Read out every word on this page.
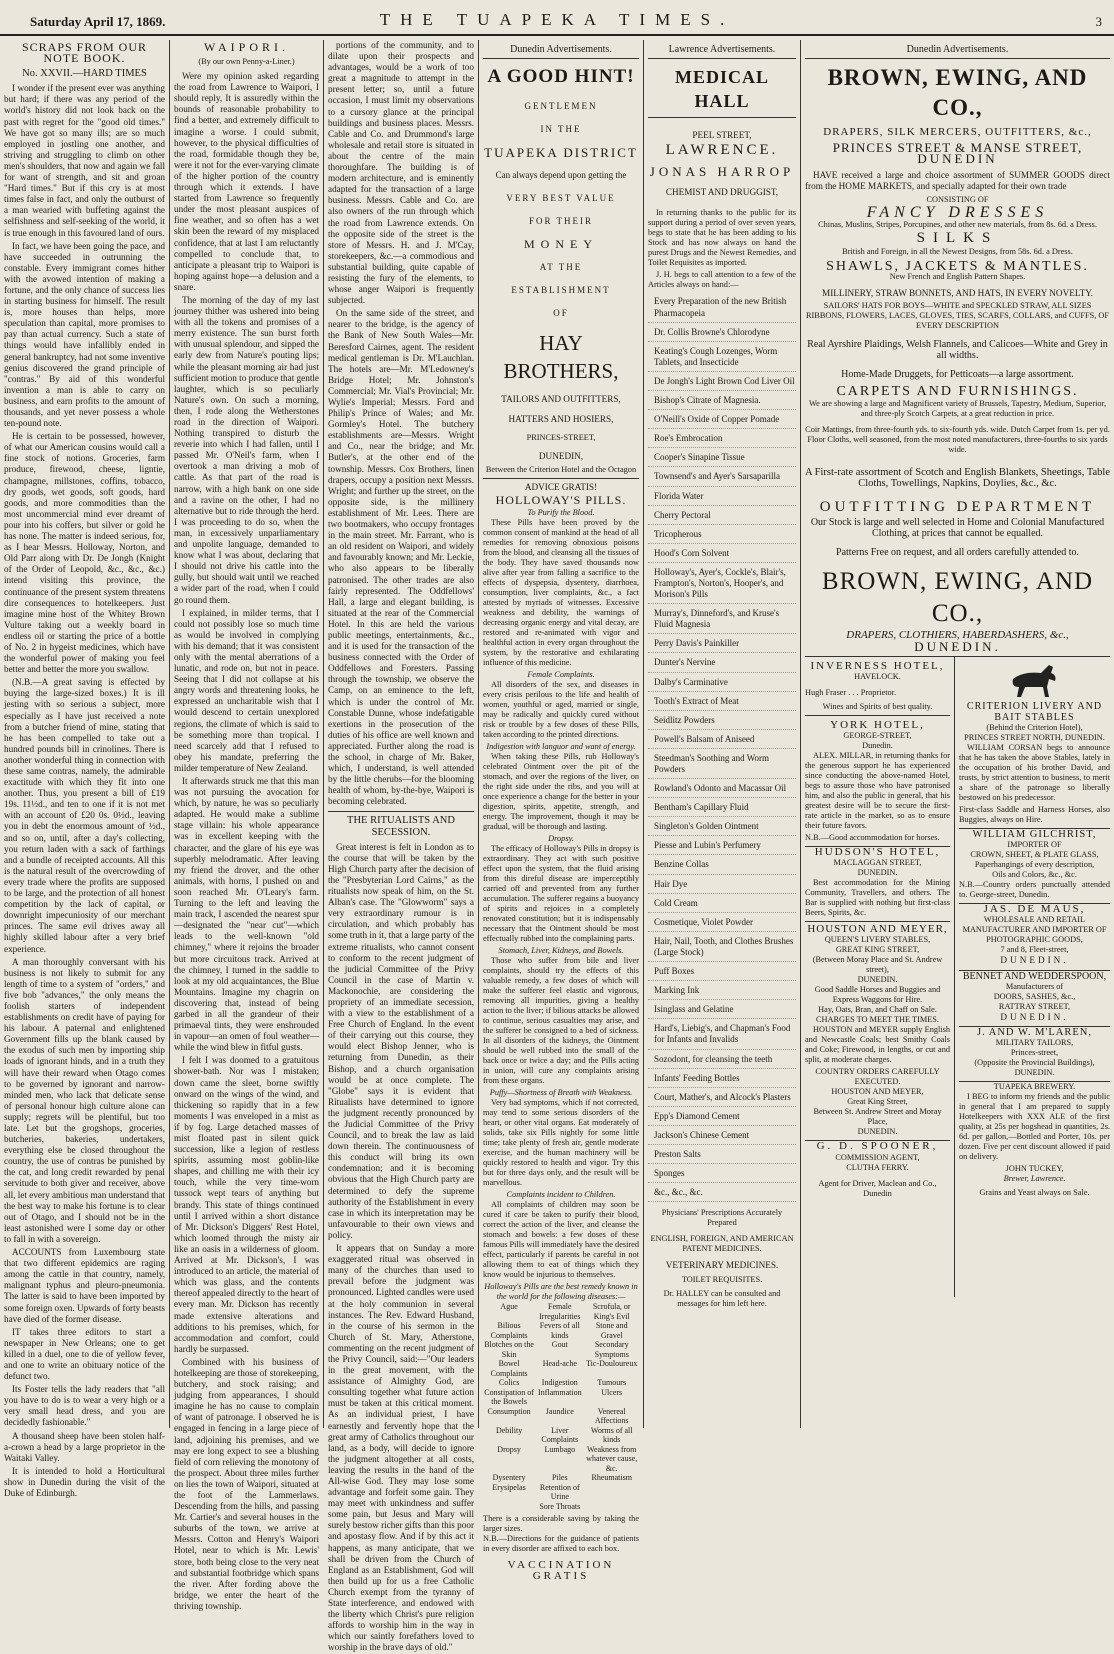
Saturday April 17, 1869.	THE TUAPEKA TIMES.	3
SCRAPS FROM OUR NOTE BOOK.
No. XXVII.—HARD TIMES

I wonder if the present ever was anything but hard; if there was any period of the world's history did not look back on the past with regret for the "good old times." We have got so many ills; are so much employed in jostling one another, and striving and struggling to climb on other men's shoulders, that now and again we fall for want of strength, and sit and groan "Hard times." But if this cry is at most times false in fact, and only the outburst of a man wearied with buffeting against the selfishness and self-seeking of the world, it is true enough in this favoured land of ours.

In fact, we have been going the pace, and have succeeded in outrunning the constable. Every immigrant comes hither with the avowed intention of making a fortune, and the only chance of success lies in starting business for himself. The result is, more houses than helps, more speculation than capital, more promises to pay than actual currency. Such a state of things would have infallibly ended in general bankruptcy, had not some inventive genius discovered the grand principle of "contras." By aid of this wonderful invention a man is able to carry on business, and earn profits to the amount of thousands, and yet never possess a whole ten-pound note.

He is certain to be possessed, however, of what our American cousins would call a fine stock of notions. Groceries, farm produce, firewood, cheese, ligntie, champagne, millstones, coffins, tobacco, dry goods, wet goods, soft goods, hard goods, and more commodities than the most uncommercial mind ever dreamt of pour into his coffers, but silver or gold he has none. The matter is indeed serious, for, as I hear Messrs. Holloway, Norton, and Old Parr along with Dr. De Jongh (Knight of the Order of Leopold, &c., &c., &c.) intend visiting this province, the continuance of the present system threatens dire consequences to hotelkeepers. Just imagine mine host of the Whitey Brown Vulture taking out a weekly board in endless oil or starting the price of a bottle of No. 2 in hygeist medicines, which have the wonderful power of making you feel better and better the more you swallow.

(N.B.—A great saving is effected by buying the large-sized boxes.) It is ill jesting with so serious a subject, more especially as I have just received a note from a butcher friend of mine, stating that he has been compelled to take out a hundred pounds bill in crinolines. There is another wonderful thing in connection with these same contras, namely, the admirable exactitude with which they fit into one another. Thus, you present a bill of £19 19s. 11½d., and ten to one if it is not met with an account of £20 0s. 0½d., leaving you in debt the enormous amount of ½d., and so on, until, after a day's collecting, you return laden with a sack of farthings and a bundle of receipted accounts. All this is the natural result of the overcrowding of every trade where the profits are supposed to be large, and the protection of all honest competition by the lack of capital, or downright impecuniosity of our merchant princes. The same evil drives away all highly skilled labour after a very brief experience.

A man thoroughly conversant with his business is not likely to submit for any length of time to a system of "orders," and five bob "advances," the only means the foolish starters of independent establishments on credit have of paying for his labour. A paternal and enlightened Government fills up the blank caused by the exodus of such men by importing ship loads of ignorant hinds, and in a truth they will have their reward when Otago comes to be governed by ignorant and narrow-minded men, who lack that delicate sense of personal honour high culture alone can supply; regrets will be plentiful, but too late. Let but the grogshops, groceries, butcheries, bakeries, undertakers, everything else be closed throughout the country, the use of contras be punished by the cat, and long credit rewarded by penal servitude to both giver and receiver, above all, let every ambitious man understand that the best way to make his fortune is to clear out of Otago, and I should not be in the least astonished were I some day or other to fall in with a sovereign.

ACCOUNTS from Luxembourg state that two different epidemics are raging among the cattle in that country, namely, malignant typhus and pleuro-pneumonia. The latter is said to have been imported by some foreign oxen. Upwards of forty beasts have died of the former disease.

IT takes three editors to start a newspaper in New Orleans; one to get killed in a duel, one to die of yellow fever, and one to write an obituary notice of the defunct two.

Its Foster tells the lady readers that "all you have to do is to wear a very high or a very small head dress, and you are decidedly fashionable."

A thousand sheep have been stolen half-a-crown a head by a large proprietor in the Waitaki Valley.

It is intended to hold a Horticultural show in Dunedin during the visit of the Duke of Edinburgh.

WAIPORI.
(By our own Penny-a-Liner.)

Were my opinion asked regarding the road from Lawrence to Waipori, I should reply, It is assuredly within the bounds of reasonable probability to find a better, and extremely difficult to imagine a worse. I could submit, however, to the physical difficulties of the road, formidable though they be, were it not for the ever-varying climate of the higher portion of the country through which it extends. I have started from Lawrence so frequently under the most pleasant auspices of fine weather, and so often has a wet skin been the reward of my misplaced confidence, that at last I am reluctantly compelled to conclude that, to anticipate a pleasant trip to Waipori is hoping against hope—a delusion and a snare.

The morning of the day of my last journey thither was ushered into being with all the tokens and promises of a merry existence. The sun burst forth with unusual splendour, and sipped the early dew from Nature's pouting lips; while the pleasant morning air had just sufficient motion to produce that gentle laughter, which is so peculiarly Nature's own. On such a morning, then, I rode along the Wetherstones road in the direction of Waipori. Nothing transpired to disturb the reverie into which I had fallen, until I passed Mr. O'Neil's farm, when I overtook a man driving a mob of cattle. As that part of the road is narrow, with a high bank on one side and a ravine on the other, I had no alternative but to ride through the herd. I was proceeding to do so, when the man, in excessively unparliamentary and unpolite language, demanded to know what I was about, declaring that I should not drive his cattle into the gully, but should wait until we reached a wider part of the road, when I could go round them.

I explained, in milder terms, that I could not possibly lose so much time as would be involved in complying with his demand; that it was consistent only with the mental aberrations of a lunatic, and rode on, but not in peace. Seeing that I did not collapse at his angry words and threatening looks, he expressed an uncharitable wish that I would descend to certain unexplored regions, the climate of which is said to be something more than tropical. I need scarcely add that I refused to obey his mandate, preferring the milder temperature of New Zealand.

It afterwards struck me that this man was not pursuing the avocation for which, by nature, he was so peculiarly adapted. He would make a sublime stage villain: his whole appearance was in excellent keeping with the character, and the glare of his eye was superbly melodramatic. After leaving my friend the drover, and the other animals, with horns, I pushed on and soon reached Mr. O'Leary's farm. Turning to the left and leaving the main track, I ascended the nearest spur—designated the "near cut"—which leads to the well-known "old chimney," where it rejoins the broader but more circuitous track. Arrived at the chimney, I turned in the saddle to look at my old acquaintances, the Blue Mountains. Imagine my chagrin on discovering that, instead of being garbed in all the grandeur of their primaeval tints, they were enshrouded in vapour—an omen of foul weather—while the wind blew in fitful gusts.

I felt I was doomed to a gratuitous shower-bath. Nor was I mistaken; down came the sleet, borne swiftly onward on the wings of the wind, and thickening so rapidly that in a few moments I was enveloped in a mist as if by fog. Large detached masses of mist floated past in silent quick succession, like a legion of restless spirits, assuming most goblin-like shapes, and chilling me with their icy touch, while the very time-worn tussock wept tears of anything but brandy. This state of things continued until I arrived within a short distance of Mr. Dickson's Diggers' Rest Hotel, which loomed through the misty air like an oasis in a wilderness of gloom. Arrived at Mr. Dickson's, I was introduced to an article, the material of which was glass, and the contents thereof appealed directly to the heart of every man. Mr. Dickson has recently made extensive alterations and additions to his premises, which, for accommodation and comfort, could hardly be surpassed.

Combined with his business of hotelkeeping are those of storekeeping, butchery, and stock raising; and judging from appearances, I should imagine he has no cause to complain of want of patronage. I observed he is engaged in fencing in a large piece of land, adjoining his premises, and we may ere long expect to see a blushing field of corn relieving the monotony of the prospect. About three miles further on lies the town of Waipori, situated at the foot of the Lammerlaws. Descending from the hills, and passing Mr. Cartier's and several houses in the suburbs of the town, we arrive at Messrs. Cotton and Henry's Waipori Hotel, near to which is Mr. Lewis' store, both being close to the very neat and substantial footbridge which spans the river. After fording above the bridge, we enter the heart of the thriving township.

portions of the community, and to dilate upon their prospects and advantages, would be a work of too great a magnitude to attempt in the present letter; so, until a future occasion, I must limit my observations to a cursory glance at the principal buildings and business places. Messrs. Cable and Co. and Drummond's large wholesale and retail store is situated in about the centre of the main thoroughfare. The building is of modern architecture, and is eminently adapted for the transaction of a large business. Messrs. Cable and Co. are also owners of the run through which the road from Lawrence extends. On the opposite side of the street is the store of Messrs. H. and J. M'Cay, storekeepers, &c.—a commodious and substantial building, quite capable of resisting the fury of the elements, to whose anger Waipori is frequently subjected.

On the same side of the street, and nearer to the bridge, is the agency of the Bank of New South Wales—Mr. Beresford Cairnes, agent. The resident medical gentleman is Dr. M'Lauchlan. The hotels are—Mr. M'Ledowney's Bridge Hotel; Mr. Johnston's Commercial; Mr. Vial's Provincial; Mr. Wylie's Imperial; Messrs. Ford and Philip's Prince of Wales; and Mr. Gormley's Hotel. The butchery establishments are—Messrs. Wright and Co., near the bridge; and Mr. Butler's, at the other end of the township. Messrs. Cox Brothers, linen drapers, occupy a position next Messrs. Wright; and further up the street, on the opposite side, is the millinery establishment of Mr. Lees. There are two bootmakers, who occupy frontages in the main street. Mr. Farrant, who is an old resident on Waipori, and widely and favourably known; and Mr. Leckie, who also appears to be liberally patronised. The other trades are also fairly represented. The Oddfellows' Hall, a large and elegant building, is situated at the rear of the Commercial Hotel. In this are held the various public meetings, entertainments, &c., and it is used for the transaction of the business connected with the Order of Oddfellows and Foresters. Passing through the township, we observe the Camp, on an eminence to the left, which is under the control of Mr. Constable Dunne, whose indefatigable exertions in the prosecution of the duties of his office are well known and appreciated. Further along the road is the school, in charge of Mr. Baker, which, I understand, is well attended by the little cherubs—for the blooming health of whom, by-the-bye, Waipori is becoming celebrated.

THE RITUALISTS AND SECESSION.

Great interest is felt in London as to the course that will be taken by the High Church party after the decision of the "Presbyterian Lord Cairns," as the ritualists now speak of him, on the St. Alban's case. The "Glowworm" says a very extraordinary rumour is in circulation, and which probably has some truth in it, that a large party of the extreme ritualists, who cannot consent to conform to the recent judgment of the judicial Committee of the Privy Council in the case of Martin v. Mackonochie, are considering the propriety of an immediate secession, with a view to the establishment of a Free Church of England. In the event of their carrying out this course, they would elect Bishop Jenner, who is returning from Dunedin, as their Bishop, and a church organisation would be at once complete. The "Globe" says it is evident that Ritualists have determined to ignore the judgment recently pronounced by the Judicial Committee of the Privy Council, and to break the law as laid down therein. The continuousness of this conduct will bring its own condemnation; and it is becoming obvious that the High Church party are determined to defy the supreme authority of the Establishment in every case in which its interpretation may be unfavourable to their own views and policy.

It appears that on Sunday a more exaggerated ritual was observed in many of the churches than used to prevail before the judgment was pronounced. Lighted candles were used at the holy communion in several instances. The Rev. Edward Husband, in the course of his sermon in the Church of St. Mary, Atherstone, commenting on the recent judgment of the Privy Council, said:—"Our leaders in the great movement, with the assistance of Almighty God, are consulting together what future action must be taken at this critical moment. As an individual priest, I have earnestly and fervently hope that the great army of Catholics throughout our land, as a body, will decide to ignore the judgment altogether at all costs, leaving the results in the hand of the All-wise God. They may lose some advantage and forfeit some gain. They may meet with unkindness and suffer some pain, but Jesus and Mary will surely bestow richer gifts than this poor and apostasy flow. And if by this act it happens, as many anticipate, that we shall be driven from the Church of England as an Establishment, God will then build up for us a free Catholic Church exempt from the tyranny of State interference, and endowed with the liberty which Christ's pure religion affords to worship him in the way in which our saintly forefathers loved to worship in the brave days of old."

Dunedin Advertisements.
A GOOD HINT!
GENTLEMEN
IN THE
TUAPEKA DISTRICT
Can always depend upon getting the
VERY BEST VALUE
FOR THEIR
MONEY
AT THE
ESTABLISHMENT
OF
HAY BROTHERS,
TAILORS AND OUTFITTERS,
HATTERS AND HOSIERS,
PRINCES-STREET,
DUNEDIN,
Between the Criterion Hotel and the Octagon
ADVICE GRATIS!
HOLLOWAY'S PILLS.
To Purify the Blood.

These Pills have been proved by the common consent of mankind at the head of all remedies for removing obnoxious poisons from the blood, and cleansing all the tissues of the body. They have saved thousands now alive after year from falling a sacrifice to the effects of dyspepsia, dysentery, diarrhoea, consumption, liver complaints, &c., a fact attested by myriads of witnesses. Excessive weakness and debility, the warnings of decreasing organic energy and vital decay, are restored and re-animated with vigor and healthful action in every organ throughout the system, by the restorative and exhilarating influence of this medicine.

Female Complaints.

All disorders of the sex, and diseases in every crisis perilous to the life and health of women, youthful or aged, married or single, may be radically and quickly cured without risk or trouble by a few doses of these Pills, taken according to the printed directions.

Indigestion with languor and want of energy.

When taking these Pills, rub Holloway's celebrated Ointment over the pit of the stomach, and over the regions of the liver, on the right side under the ribs, and you will at once experience a change for the better in your digestion, spirits, appetite, strength, and energy. The improvement, though it may be gradual, will be thorough and lasting.

Dropsy.

The efficacy of Holloway's Pills in dropsy is extraordinary. They act with such positive effect upon the system, that the fluid arising from this direful disease are imperceptibly carried off and prevented from any further accumulation. The sufferer regains a buoyancy of spirits and rejoices in a completely renovated constitution; but it is indispensably necessary that the Ointment should be most effectually rubbed into the complaining parts.

Stomach, Liver, Kidneys, and Bowels.

Those who suffer from bile and liver complaints, should try the effects of this valuable remedy, a few doses of which will make the sufferer feel elastic and vigorous, removing all impurities, giving a healthy action to the liver; if bilious attacks be allowed to continue, serious casualties may arise, and the sufferer be consigned to a bed of sickness. In all disorders of the kidneys, the Ointment should be well rubbed into the small of the back once or twice a day; and the Pills acting in union, will cure any complaints arising from these organs.

Puffy—Shortness of Breath with Weakness.

Very bad symptoms, which if not corrected, may tend to some serious disorders of the heart, or other vital organs. Eat moderately of solids, take six Pills nightly for some little time; take plenty of fresh air, gentle moderate exercise, and the human machinery will be quickly restored to health and vigor. Try this but for three days only, and the result will be marvellous.

Complaints incident to Children.

All complaints of children may soon be cured if care be taken to purify their blood, correct the action of the liver, and cleanse the stomach and bowels: a few doses of these famous Pills will immediately have the desired effect, particularly if parents be careful in not allowing them to eat of things which they know would be injurious to themselves.

Holloway's Pills are the best remedy known in the world for the following diseases:—
Ague	Female Irregularities	Scrofula, or King's Evil
Bilious Complaints	Fevers of all kinds	Stone and Gravel
Blotches on the Skin	Gout	Secondary Symptoms
Bowel Complaints	Head-ache	Tic-Douloureux
Colics	Indigestion	Tumours
Constipation of the Bowels	Inflammation	Ulcers
Consumption	Jaundice	Venereal Affections
Debility	Liver Complaints	Worms of all kinds
Dropsy	Lumbago	Weakness from whatever cause, &c.
Dysentery	Piles	Rheumatism
Erysipelas	Retention of Urine	
	Sore Throats	
There is a considerable saving by taking the larger sizes.
N.B.—Directions for the guidance of patients in every disorder are affixed to each box.
VACCINATION GRATIS
Lawrence Advertisements.
MEDICAL HALL
PEEL STREET,
LAWRENCE.
JONAS HARROP
CHEMIST AND DRUGGIST,

In returning thanks to the public for its support during a period of over seven years, begs to state that he has been adding to his Stock and has now always on hand the purest Drugs and the Newest Remedies, and Toilet Requisites as imported.

J. H. begs to call attention to a few of the Articles always on hand:—

Every Preparation of the new British Pharmacopeia
Dr. Collis Browne's Chlorodyne
Keating's Cough Lozenges, Worm Tablets, and Insecticide
De Jongh's Light Brown Cod Liver Oil
Bishop's Citrate of Magnesia.
O'Neill's Oxide of Copper Pomade
Roe's Embrocation
Cooper's Sinapine Tissue
Townsend's and Ayer's Sarsaparilla
Florida Water
Cherry Pectoral
Tricopherous
Hood's Corn Solvent
Holloway's, Ayer's, Cockle's, Blair's, Frampton's, Norton's, Hooper's, and Morison's Pills
Murray's, Dinneford's, and Kruse's Fluid Magnesia
Perry Davis's Painkiller
Dunter's Nervine
Dalby's Carminative
Tooth's Extract of Meat
Seidlitz Powders
Powell's Balsam of Aniseed
Steedman's Soothing and Worm Powders
Rowland's Odonto and Macassar Oil
Bentham's Capillary Fluid
Singleton's Golden Ointment
Piesse and Lubin's Perfumery
Benzine Collas
Hair Dye
Cold Cream
Cosmetique, Violet Powder
Hair, Nail, Tooth, and Clothes Brushes (Large Stock)
Puff Boxes
Marking Ink
Isinglass and Gelatine
Hard's, Liebig's, and Chapman's Food for Infants and Invalids
Sozodont, for cleansing the teeth
Infants' Feeding Bottles
Court, Mather's, and Alcock's Plasters
Epp's Diamond Cement
Jackson's Chinese Cement
Preston Salts
Sponges
&c., &c., &c.
Physicians' Prescriptions Accurately Prepared
ENGLISH, FOREIGN, AND AMERICAN PATENT MEDICINES.
VETERINARY MEDICINES.
TOILET REQUISITES.
Dr. HALLEY can be consulted and messages for him left here.
Dunedin Advertisements.
BROWN, EWING, AND CO.,
DRAPERS, SILK MERCERS, OUTFITTERS, &c.,
PRINCES STREET & MANSE STREET,
DUNEDIN

HAVE received a large and choice assortment of SUMMER GOODS direct from the HOME MARKETS, and specially adapted for their own trade

CONSISTING OF
FANCY DRESSES
Chinas, Muslins, Stripes, Porcupines, and other new materials, from 8s. 6d. a Dress.
SILKS
British and Foreign, in all the Newest Designs, from 58s. 6d. a Dress.
SHAWLS, JACKETS & MANTLES.
New French and English Pattern Shapes.
MILLINERY, STRAW BONNETS, AND HATS, IN EVERY NOVELTY.
SAILORS' HATS FOR BOYS—WHITE and SPECKLED STRAW, ALL SIZES
RIBBONS, FLOWERS, LACES, GLOVES, TIES, SCARFS, COLLARS, and CUFFS, OF EVERY DESCRIPTION
Real Ayrshire Plaidings, Welsh Flannels, and Calicoes—White and Grey in all widths.
Home-Made Druggets, for Petticoats—a large assortment.
CARPETS AND FURNISHINGS.
We are showing a large and Magnificent variety of Brussels, Tapestry, Medium, Superior, and three-ply Scotch Carpets, at a great reduction in price.
Coir Mattings, from three-fourth yds. to six-fourth yds. wide. Dutch Carpet from 1s. per yd. Floor Cloths, well seasoned, from the most noted manufacturers, three-fourths to six yards wide.
A First-rate assortment of Scotch and English Blankets, Sheetings, Table Cloths, Towellings, Napkins, Doylies, &c., &c.
OUTFITTING DEPARTMENT
Our Stock is large and well selected in Home and Colonial Manufactured Clothing, at prices that cannot be equalled.
Patterns Free on request, and all orders carefully attended to.
BROWN, EWING, AND CO.,
DRAPERS, CLOTHIERS, HABERDASHERS, &c.,
DUNEDIN.
INVERNESS HOTEL,
HAVELOCK.
Hugh Fraser . . . Proprietor.
Wines and Spirits of best quality.
YORK HOTEL,
GEORGE-STREET,
Dunedin.

ALEX. MILLAR, in returning thanks for the generous support he has experienced since conducting the above-named Hotel, begs to assure those who have patronised him, and also the public in general, that his greatest desire will be to secure the first-rate article in the market, so as to ensure their future favors.

N.B.—Good accommodation for horses.
HUDSON'S HOTEL,
MACLAGGAN STREET,
DUNEDIN.

Best accommodation for the Mining Community, Travellers, and others. The Bar is supplied with nothing but first-class Beers, Spirits, &c.

HOUSTON AND MEYER,
QUEEN'S LIVERY STABLES,
GREAT KING STREET,
(Between Moray Place and St. Andrew street),
DUNEDIN.
Good Saddle Horses and Buggies and Express Waggons for Hire.
Hay, Oats, Bran, and Chaff on Sale.
CHARGES TO MEET THE TIMES.

HOUSTON and MEYER supply English and Newcastle Coals; best Smithy Coals and Coke; Firewood, in lengths, or cut and split, at moderate charges.

COUNTRY ORDERS CAREFULLY EXECUTED.
HOUSTON AND MEYER,
Great King Street,
Between St. Andrew Street and Moray Place,
DUNEDIN.
G. D. SPOONER,
COMMISSION AGENT,
CLUTHA FERRY.
Agent for Driver, Maclean and Co., Dunedin
CRITERION LIVERY AND BAIT STABLES
(Behind the Criterion Hotel),
PRINCES STREET NORTH, DUNEDIN.

WILLIAM CORSAN begs to announce that he has taken the above Stables, lately in the occupation of his brother David, and trusts, by strict attention to business, to merit a share of the patronage so liberally bestowed on his predecessor.

First-class Saddle and Harness Horses, also Buggies, always on Hire.
WILLIAM GILCHRIST,
IMPORTER OF
CROWN, SHEET, & PLATE GLASS,
Paperhangings of every description,
Oils and Colors, &c., &c.
N.B.—Country orders punctually attended to. George-street, Dunedin.
JAS. DE MAUS,
WHOLESALE AND RETAIL
MANUFACTURER AND IMPORTER OF PHOTOGRAPHIC GOODS,
7 and 8, Fleet-street,
DUNEDIN.
BENNET AND WEDDERSPOON,
Manufacturers of
DOORS, SASHES, &c.,
RATTRAY STREET,
DUNEDIN.
J. AND W. M'LAREN,
MILITARY TAILORS,
Princes-street,
(Opposite the Provincial Buildings),
DUNEDIN.
TUAPEKA BREWERY.

I BEG to inform my friends and the public in general that I am prepared to supply Hotelkeepers with XXX ALE of the first quality, at 25s per hogshead in quantities, 2s. 6d. per gallon,—Bottled and Porter, 10s. per dozen. Five per cent discount allowed if paid on delivery.

JOHN TUCKEY,
Brewer, Lawrence.
Grains and Yeast always on Sale.
